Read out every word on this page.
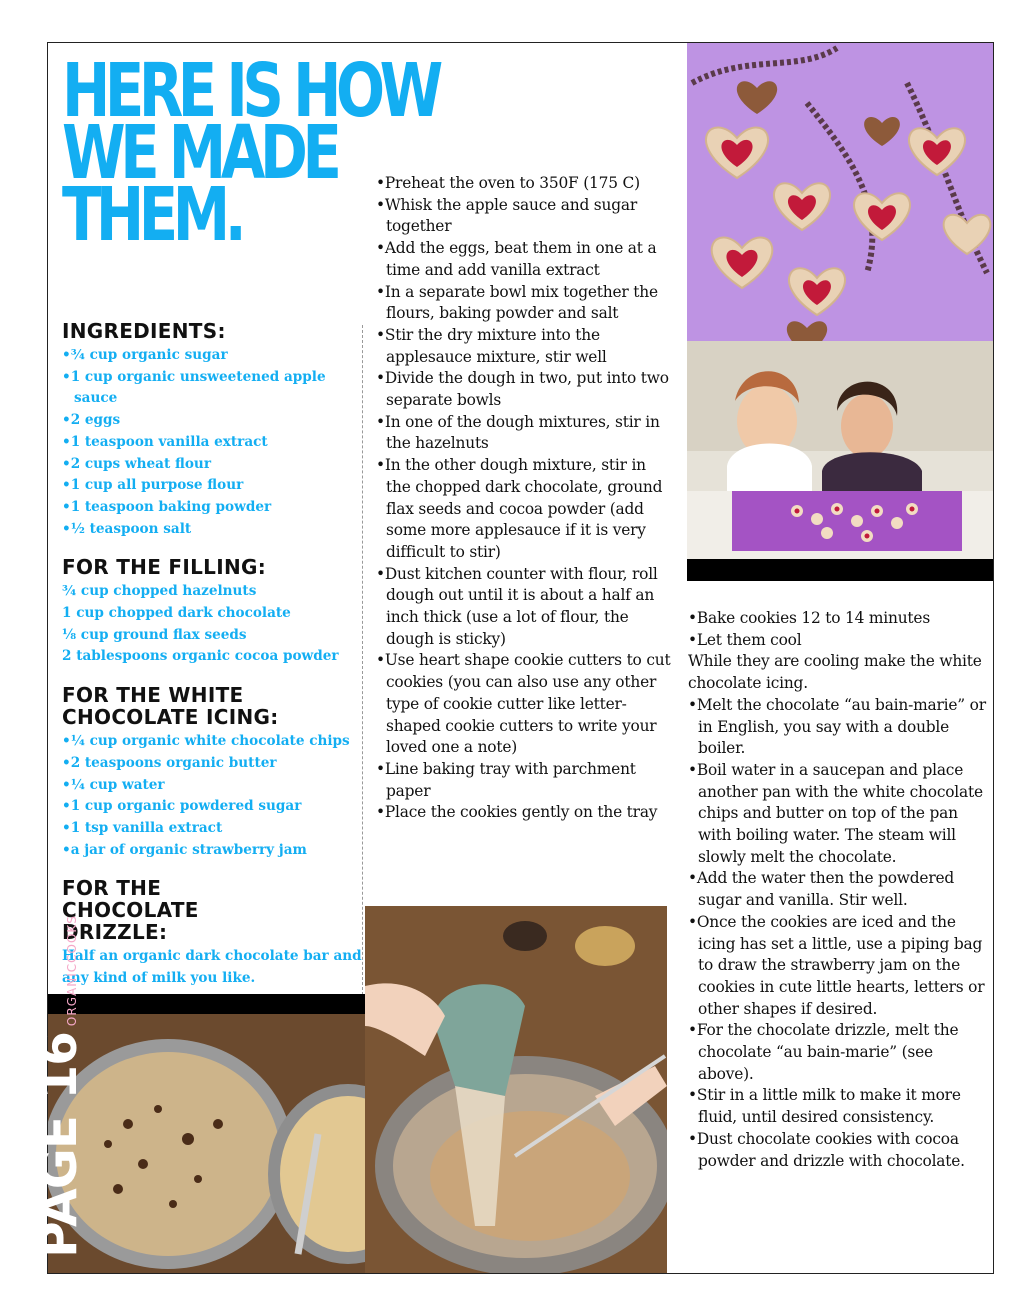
HERE IS HOW
WE MADE
THEM.
INGREDIENTS:
•¾ cup organic sugar
•1 cup organic unsweetened apple sauce
•2 eggs
•1 teaspoon vanilla extract
•2 cups wheat flour
•1 cup all purpose flour
•1 teaspoon baking powder
•½ teaspoon salt
FOR THE FILLING:
¾ cup chopped hazelnuts
1 cup chopped dark chocolate
⅛ cup ground flax seeds
2 tablespoons organic cocoa powder
FOR THE WHITE CHOCOLATE ICING:
•¼ cup organic white chocolate chips
•2 teaspoons organic butter
•¼ cup water
•1 cup organic powdered sugar
•1 tsp vanilla extract
•a jar of organic strawberry jam
FOR THE CHOCOLATE DRIZZLE:

Half an organic dark chocolate bar and any kind of milk you like.

•Preheat the oven to 350F (175 C)
•Whisk the apple sauce and sugar together
•Add the eggs, beat them in one at a time and add vanilla extract
•In a separate bowl mix together the flours, baking powder and salt
•Stir the dry mixture into the applesauce mixture, stir well
•Divide the dough in two, put into two separate bowls
•In one of the dough mixtures, stir in the hazelnuts
•In the other dough mixture, stir in the chopped dark chocolate, ground flax seeds and cocoa powder (add some more applesauce if it is very difficult to stir)
•Dust kitchen counter with flour, roll dough out until it is about a half an inch thick (use a lot of flour, the dough is sticky)
•Use heart shape cookie cutters to cut cookies (you can also use any other type of cookie cutter like letter-shaped cookie cutters to write your loved one a note)
•Line baking tray with parchment paper
•Place the cookies gently on the tray
•Bake cookies 12 to 14 minutes
•Let them cool

While they are cooling make the white chocolate icing.

•Melt the chocolate “au bain-marie” or in English, you say with a double boiler.
•Boil water in a saucepan and place another pan with the white chocolate chips and butter on top of the pan with boiling water. The steam will slowly melt the chocolate.
•Add the water then the powdered sugar and vanilla. Stir well.
•Once the cookies are iced and the icing has set a little, use a piping bag to draw the strawberry jam on the cookies in cute little hearts, letters or other shapes if desired.
•For the chocolate drizzle, melt the chocolate “au bain-marie” (see above).
•Stir in a little milk to make it more fluid, until desired consistency.
•Dust chocolate cookies with cocoa powder and drizzle with chocolate.
PAGE 16ORGANICCOOKS
